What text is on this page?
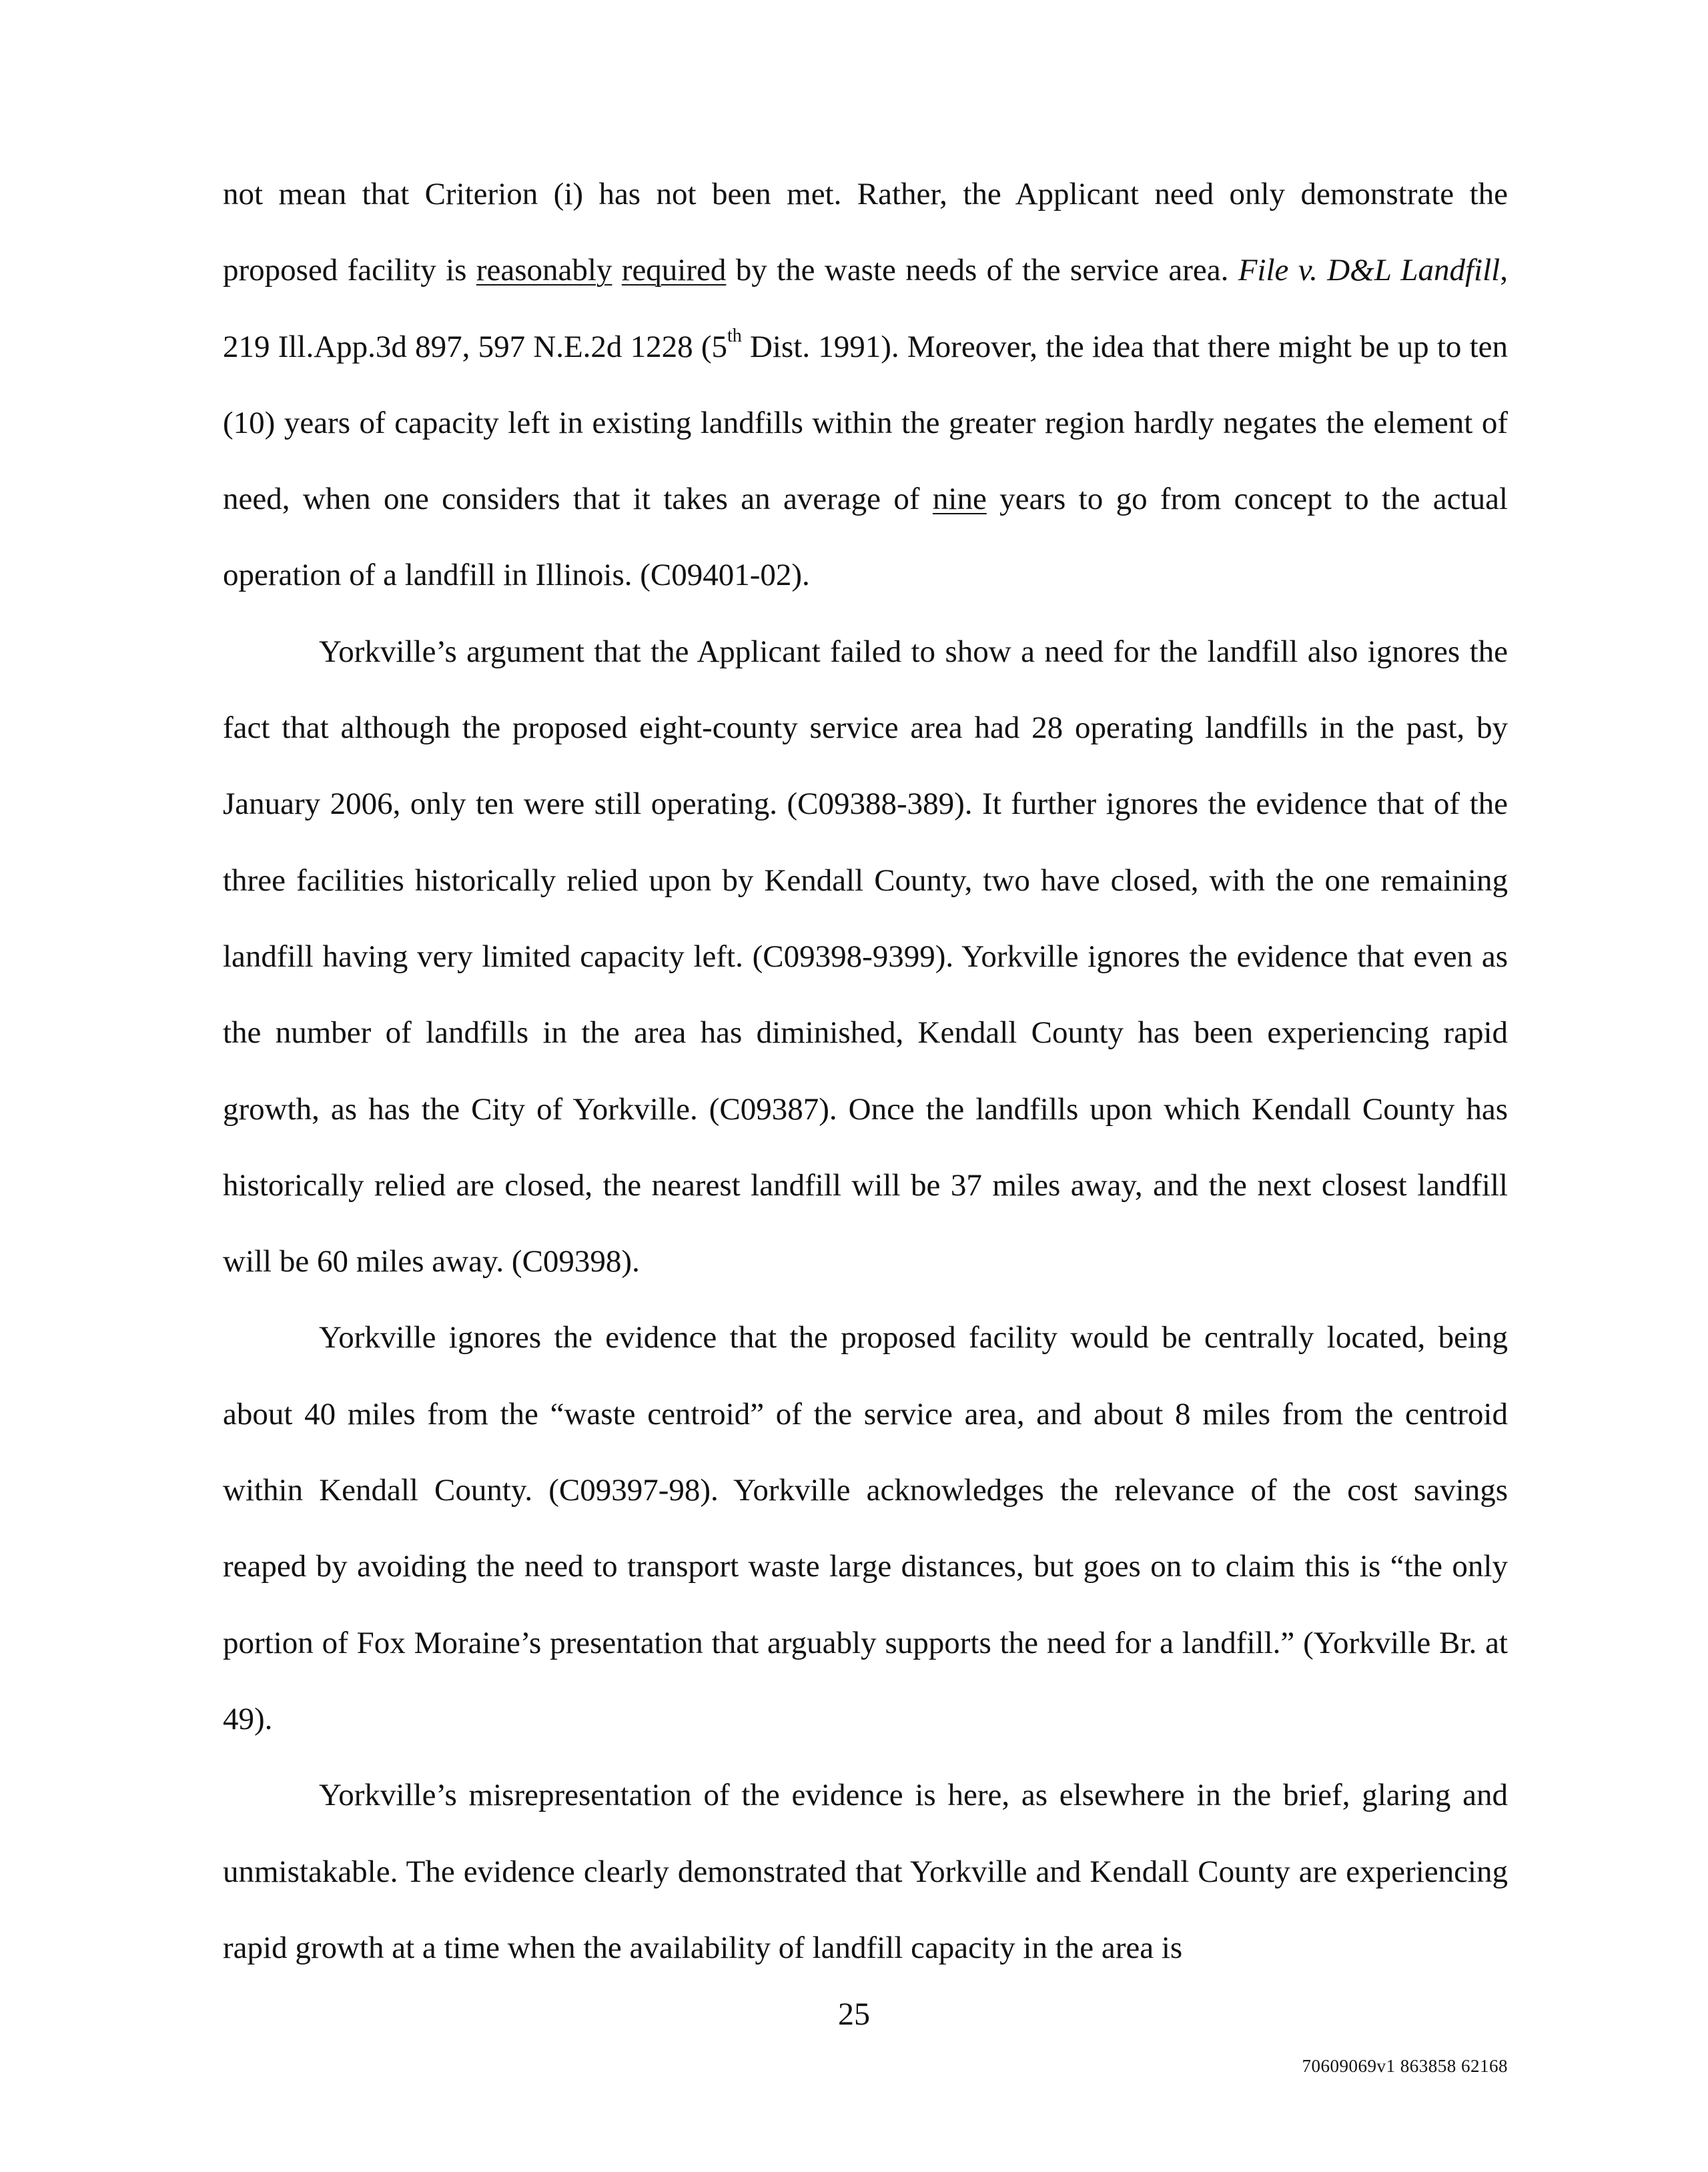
not mean that Criterion (i) has not been met. Rather, the Applicant need only demonstrate the proposed facility is reasonably required by the waste needs of the service area. File v. D&L Landfill, 219 Ill.App.3d 897, 597 N.E.2d 1228 (5th Dist. 1991). Moreover, the idea that there might be up to ten (10) years of capacity left in existing landfills within the greater region hardly negates the element of need, when one considers that it takes an average of nine years to go from concept to the actual operation of a landfill in Illinois. (C09401-02).

Yorkville’s argument that the Applicant failed to show a need for the landfill also ignores the fact that although the proposed eight-county service area had 28 operating landfills in the past, by January 2006, only ten were still operating. (C09388-389). It further ignores the evidence that of the three facilities historically relied upon by Kendall County, two have closed, with the one remaining landfill having very limited capacity left. (C09398-9399). Yorkville ignores the evidence that even as the number of landfills in the area has diminished, Kendall County has been experiencing rapid growth, as has the City of Yorkville. (C09387). Once the landfills upon which Kendall County has historically relied are closed, the nearest landfill will be 37 miles away, and the next closest landfill will be 60 miles away. (C09398).

Yorkville ignores the evidence that the proposed facility would be centrally located, being about 40 miles from the “waste centroid” of the service area, and about 8 miles from the centroid within Kendall County. (C09397-98). Yorkville acknowledges the relevance of the cost savings reaped by avoiding the need to transport waste large distances, but goes on to claim this is “the only portion of Fox Moraine’s presentation that arguably supports the need for a landfill.” (Yorkville Br. at 49).

Yorkville’s misrepresentation of the evidence is here, as elsewhere in the brief, glaring and unmistakable. The evidence clearly demonstrated that Yorkville and Kendall County are experiencing rapid growth at a time when the availability of landfill capacity in the area is

25
70609069v1 863858 62168
